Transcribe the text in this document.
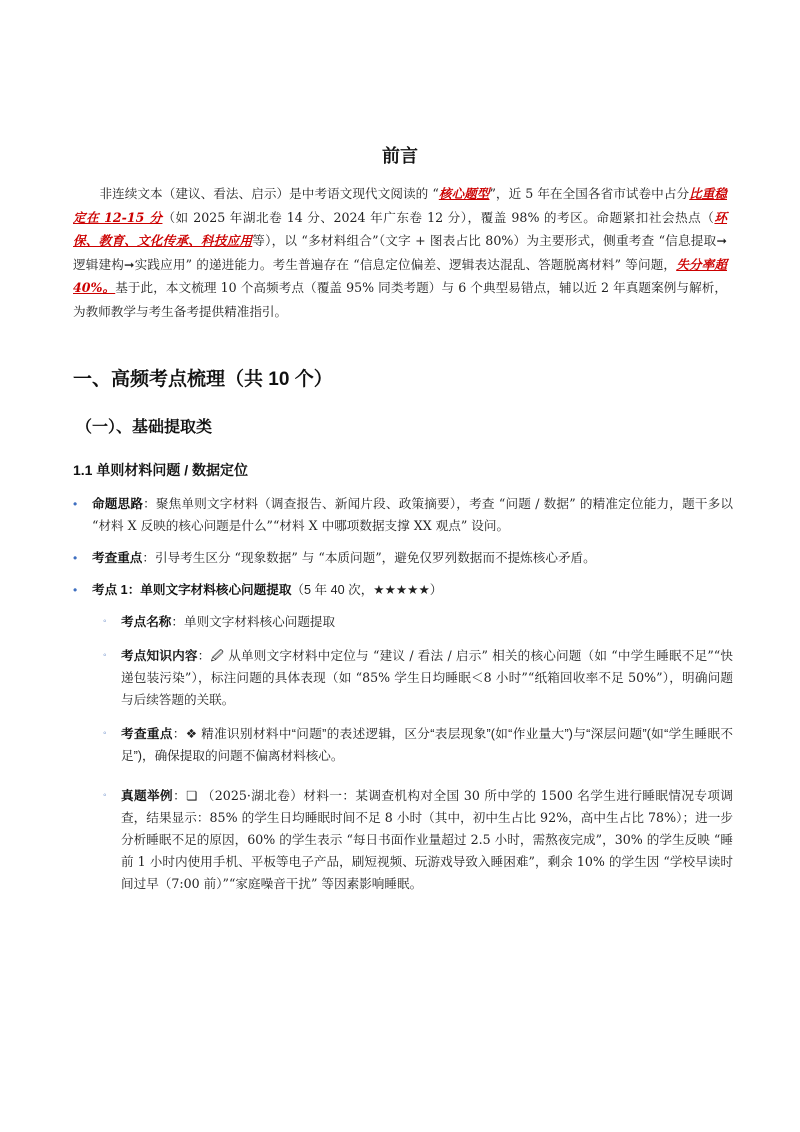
前言

非连续文本（建议、看法、启示）是中考语文现代文阅读的 “核心题型”，近 5 年在全国各省市试卷中占分比重稳定在 12-15 分（如 2025 年湖北卷 14 分、2024 年广东卷 12 分），覆盖 98% 的考区。命题紧扣社会热点（环保、教育、文化传承、科技应用等），以 “多材料组合”（文字 + 图表占比 80%）为主要形式，侧重考查 “信息提取➞逻辑建构➞实践应用” 的递进能力。考生普遍存在 “信息定位偏差、逻辑表达混乱、答题脱离材料” 等问题，失分率超 40%。基于此，本文梳理 10 个高频考点（覆盖 95% 同类考题）与 6 个典型易错点，辅以近 2 年真题案例与解析，为教师教学与考生备考提供精准指引。

一、高频考点梳理（共 10 个）
（一）、基础提取类
1.1 单则材料问题 / 数据定位
• 命题思路：聚焦单则文字材料（调查报告、新闻片段、政策摘要），考查 “问题 / 数据” 的精准定位能力，题干多以 “材料 X 反映的核心问题是什么”“材料 X 中哪项数据支撑 XX 观点” 设问。
• 考查重点：引导考生区分 “现象数据” 与 “本质问题”，避免仅罗列数据而不提炼核心矛盾。
• 考点 1：单则文字材料核心问题提取（5 年 40 次，★★★★★）
◦ 考点名称：单则文字材料核心问题提取
◦ 考点知识内容：🖉 从单则文字材料中定位与 “建议 / 看法 / 启示” 相关的核心问题（如 “中学生睡眠不足”“快递包装污染”），标注问题的具体表现（如 “85% 学生日均睡眠＜8 小时”“纸箱回收率不足 50%”），明确问题与后续答题的关联。
◦ 考查重点：❖ 精准识别材料中“问题”的表述逻辑，区分“表层现象”(如“作业量大”)与“深层问题”(如“学生睡眠不足”)，确保提取的问题不偏离材料核心。
◦ 真题举例：❏ （2025·湖北卷）材料一：某调查机构对全国 30 所中学的 1500 名学生进行睡眠情况专项调查，结果显示：85% 的学生日均睡眠时间不足 8 小时（其中，初中生占比 92%，高中生占比 78%）；进一步分析睡眠不足的原因，60% 的学生表示 “每日书面作业量超过 2.5 小时，需熬夜完成”，30% 的学生反映 “睡前 1 小时内使用手机、平板等电子产品，刷短视频、玩游戏导致入睡困难”，剩余 10% 的学生因 “学校早读时间过早（7:00 前）”“家庭噪音干扰” 等因素影响睡眠。
